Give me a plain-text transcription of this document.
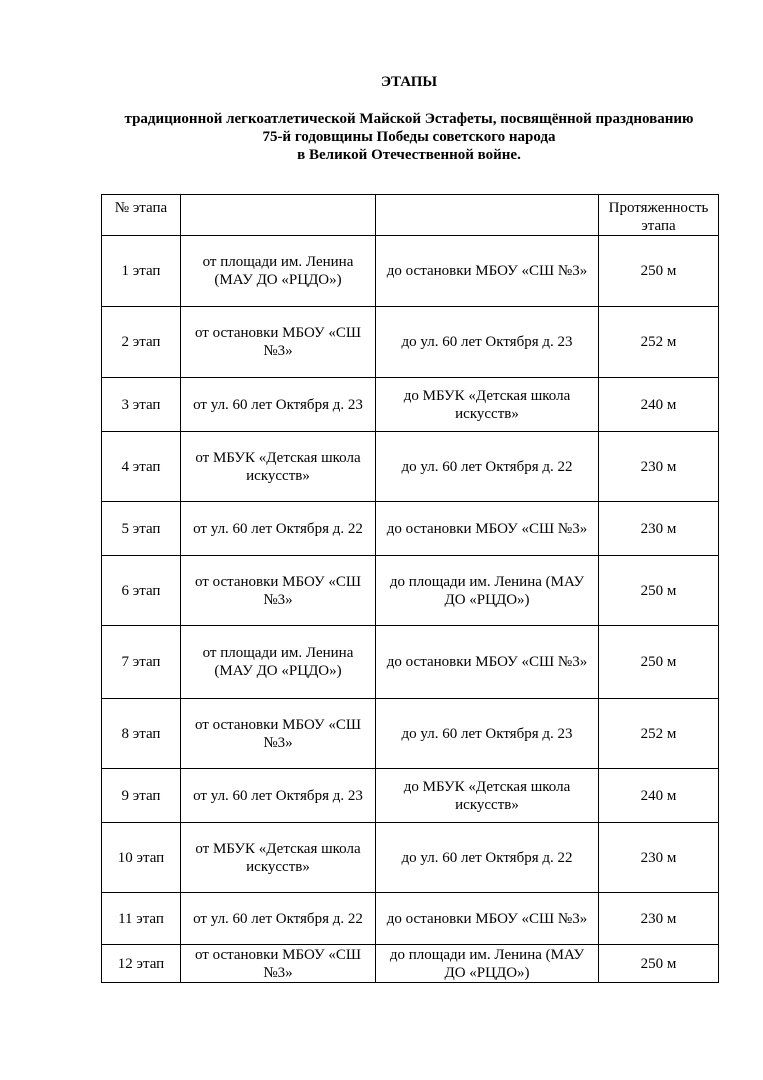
ЭТАПЫ
традиционной легкоатлетической Майской Эстафеты, посвящённой празднованию
75-й годовщины Победы советского народа
в Великой Отечественной войне.
№ этапа			Протяженность этапа
1 этап	от площади им. Ленина (МАУ ДО «РЦДО»)	до остановки МБОУ «СШ №3»	250 м
2 этап	от остановки МБОУ «СШ №3»	до ул. 60 лет Октября д. 23	252 м
3 этап	от ул. 60 лет Октября д. 23	до МБУК «Детская школа искусств»	240 м
4 этап	от МБУК «Детская школа искусств»	до ул. 60 лет Октября д. 22	230 м
5 этап	от ул. 60 лет Октября д. 22	до остановки МБОУ «СШ №3»	230 м
6 этап	от остановки МБОУ «СШ №3»	до площади им. Ленина (МАУ ДО «РЦДО»)	250 м
7 этап	от площади им. Ленина (МАУ ДО «РЦДО»)	до остановки МБОУ «СШ №3»	250 м
8 этап	от остановки МБОУ «СШ №3»	до ул. 60 лет Октября д. 23	252 м
9 этап	от ул. 60 лет Октября д. 23	до МБУК «Детская школа искусств»	240 м
10 этап	от МБУК «Детская школа искусств»	до ул. 60 лет Октября д. 22	230 м
11 этап	от ул. 60 лет Октября д. 22	до остановки МБОУ «СШ №3»	230 м
12 этап	от остановки МБОУ «СШ №3»	до площади им. Ленина (МАУ ДО «РЦДО»)	250 м
